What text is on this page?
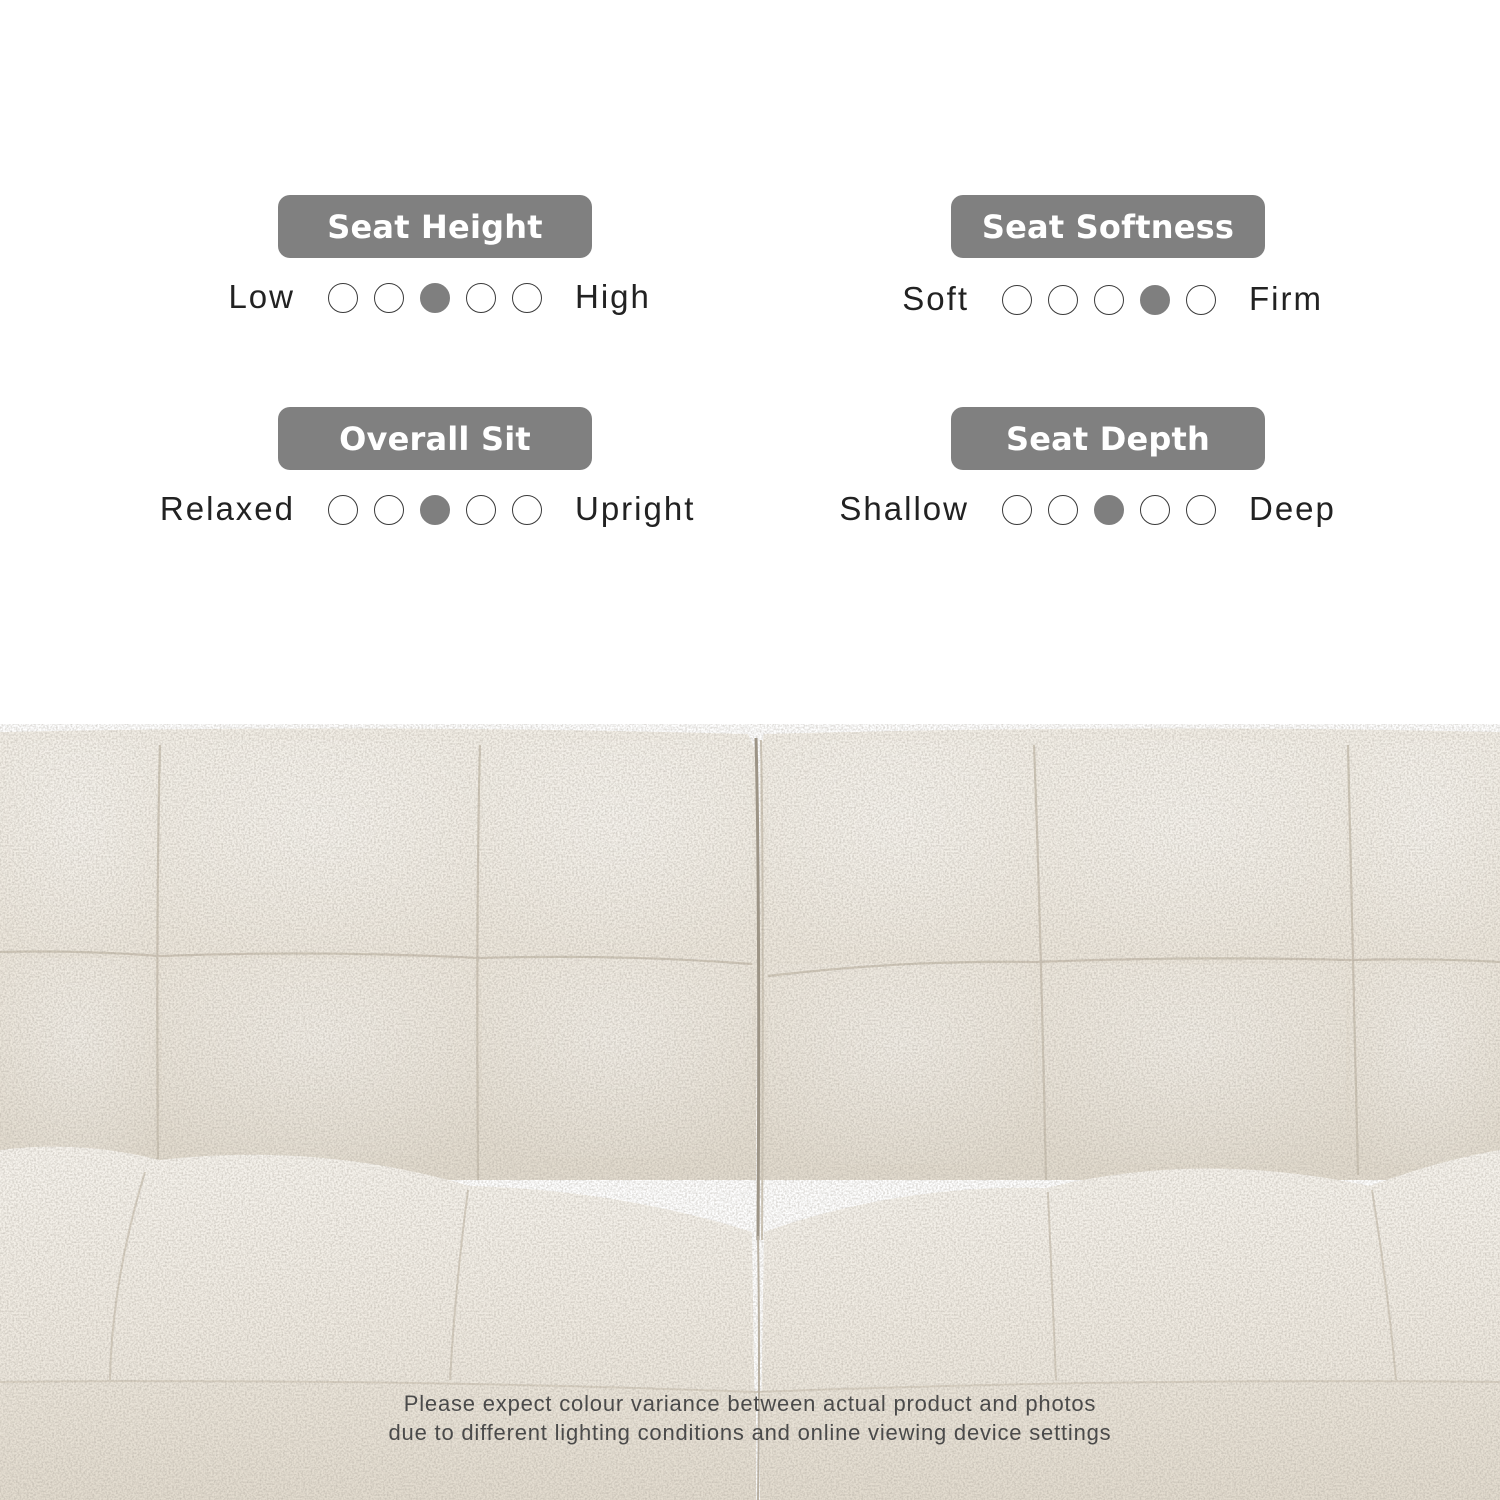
Seat Height
Low	High
Seat Softness
Soft	Firm
Overall Sit
Relaxed	Upright
Seat Depth
Shallow	Deep
Please expect colour variance between actual product and photos
due to different lighting conditions and online viewing device settings
